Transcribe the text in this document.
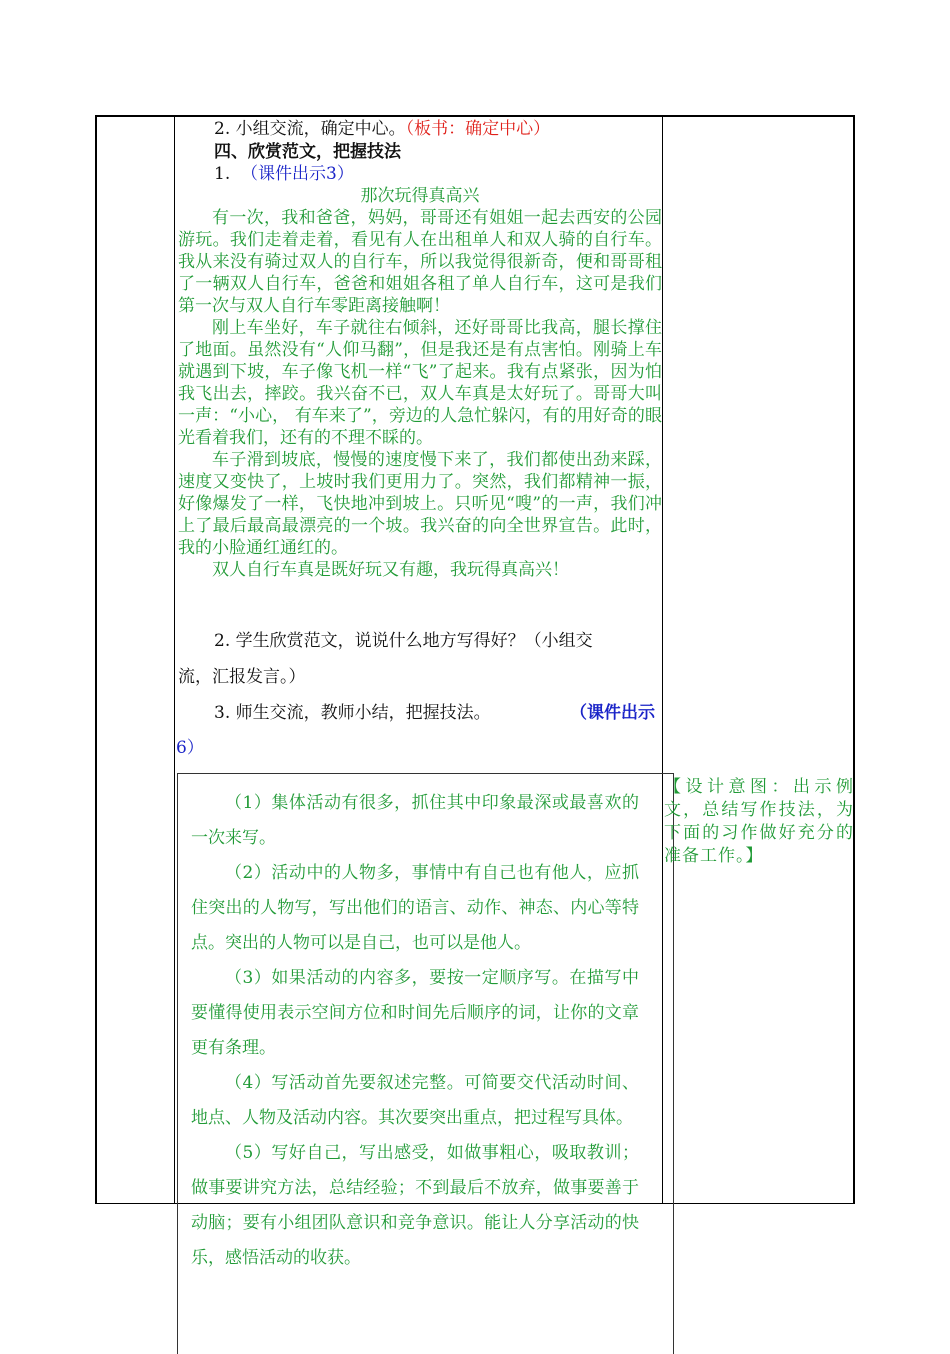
2. 小组交流，确定中心。（板书：确定中心）
四、欣赏范文，把握技法
1. （课件出示3）

那次玩得真高兴

有一次，我和爸爸，妈妈，哥哥还有姐姐一起去西安的公园游玩。我们走着走着，看见有人在出租单人和双人骑的自行车。我从来没有骑过双人的自行车，所以我觉得很新奇，便和哥哥租了一辆双人自行车，爸爸和姐姐各租了单人自行车，这可是我们第一次与双人自行车零距离接触啊！

刚上车坐好，车子就往右倾斜，还好哥哥比我高，腿长撑住了地面。虽然没有“人仰马翻”，但是我还是有点害怕。刚骑上车就遇到下坡，车子像飞机一样“飞”了起来。我有点紧张，因为怕我飞出去，摔跤。我兴奋不已，双人车真是太好玩了。哥哥大叫一声：“小心， 有车来了”，旁边的人急忙躲闪，有的用好奇的眼光看着我们，还有的不理不睬的。

车子滑到坡底，慢慢的速度慢下来了，我们都使出劲来踩，速度又变快了，上坡时我们更用力了。突然，我们都精神一振，好像爆发了一样，飞快地冲到坡上。只听见“嗖”的一声，我们冲上了最后最高最漂亮的一个坡。我兴奋的向全世界宣告。此时，我的小脸通红通红的。

双人自行车真是既好玩又有趣，我玩得真高兴！

2. 学生欣赏范文，说说什么地方写得好？（小组交
流，汇报发言。）
3. 师生交流，教师小结，把握技法。	（课件出示
6）

（1）集体活动有很多，抓住其中印象最深或最喜欢的一次来写。

（2）活动中的人物多，事情中有自己也有他人，应抓住突出的人物写，写出他们的语言、动作、神态、内心等特点。突出的人物可以是自己，也可以是他人。

（3）如果活动的内容多，要按一定顺序写。在描写中要懂得使用表示空间方位和时间先后顺序的词，让你的文章更有条理。

（4）写活动首先要叙述完整。可简要交代活动时间、地点、人物及活动内容。其次要突出重点，把过程写具体。

（5）写好自己，写出感受，如做事粗心，吸取教训；做事要讲究方法，总结经验；不到最后不放弃，做事要善于动脑；要有小组团队意识和竞争意识。能让人分享活动的快乐，感悟活动的收获。

【设计意图：出示例文，总结写作技法，为下面的习作做好充分的准备工作。】
